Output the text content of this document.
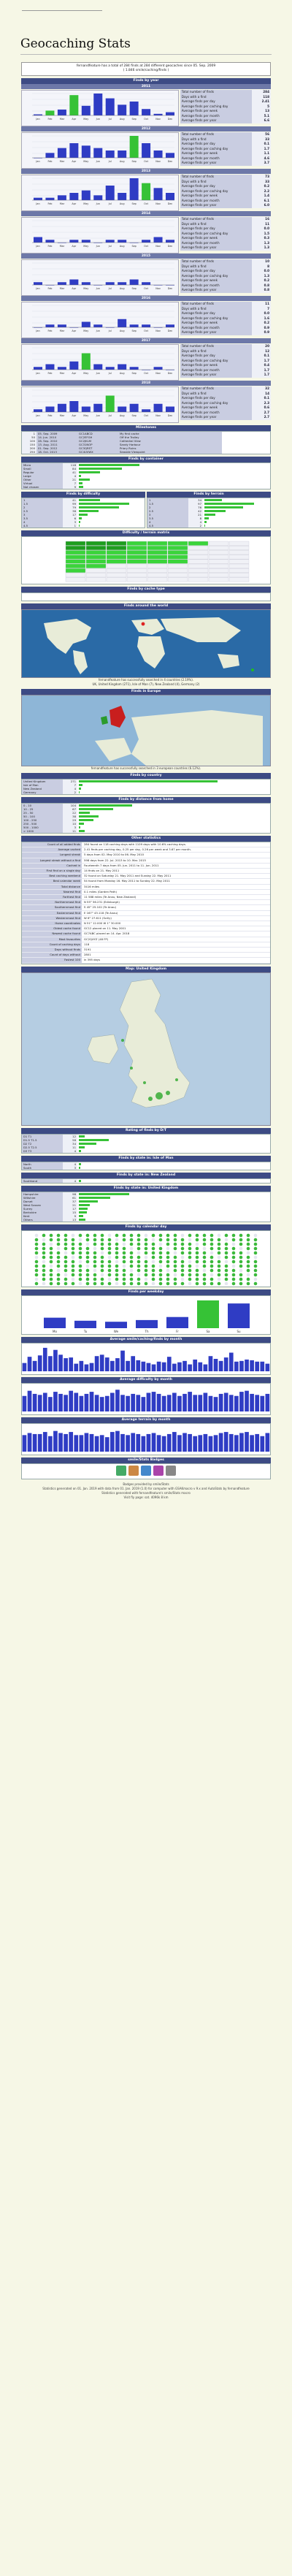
Geocaching Stats
fernandfeature has a total of 284 finds at 284 different geocaches since 05. Sep. 2009
( 1.846 smile/caching/finds )
Finds by year
2011
Jan	Feb	Mar	Apr	May	Jun	Jul	Aug	Sep	Oct	Nov	Dec
Total number of finds	284
Days with a find	118
Average finds per day	2.41
Average finds per caching day	5
Average finds per week	13
Average finds per month	5.1
Average finds per year	6.6
2012
Jan	Feb	Mar	Apr	May	Jun	Jul	Aug	Sep	Oct	Nov	Dec
Total number of finds	56
Days with a find	33
Average finds per day	0.1
Average finds per caching day	1.7
Average finds per week	1.1
Average finds per month	4.6
Average finds per year	3.7
2013
Jan	Feb	Mar	Apr	May	Jun	Jul	Aug	Sep	Oct	Nov	Dec
Total number of finds	73
Days with a find	33
Average finds per day	0.2
Average finds per caching day	2.2
Average finds per week	1.4
Average finds per month	6.1
Average finds per year	6.0
2014
Jan	Feb	Mar	Apr	May	Jun	Jul	Aug	Sep	Oct	Nov	Dec
Total number of finds	16
Days with a find	11
Average finds per day	0.0
Average finds per caching day	1.5
Average finds per week	0.3
Average finds per month	1.3
Average finds per year	1.3
2015
Jan	Feb	Mar	Apr	May	Jun	Jul	Aug	Sep	Oct	Nov	Dec
Total number of finds	10
Days with a find	8
Average finds per day	0.0
Average finds per caching day	1.3
Average finds per week	0.2
Average finds per month	0.8
Average finds per year	0.8
2016
Jan	Feb	Mar	Apr	May	Jun	Jul	Aug	Sep	Oct	Nov	Dec
Total number of finds	11
Days with a find	7
Average finds per day	0.0
Average finds per caching day	1.6
Average finds per week	0.2
Average finds per month	0.9
Average finds per year	0.9
2017
Jan	Feb	Mar	Apr	May	Jun	Jul	Aug	Sep	Oct	Nov	Dec
Total number of finds	20
Days with a find	12
Average finds per day	0.1
Average finds per caching day	1.7
Average finds per week	0.4
Average finds per month	1.7
Average finds per year	1.7
2018
Jan	Feb	Mar	Apr	May	Jun	Jul	Aug	Sep	Oct	Nov	Dec
Total number of finds	32
Days with a find	14
Average finds per day	0.1
Average finds per caching day	2.3
Average finds per week	0.6
Average finds per month	2.7
Average finds per year	2.7
Milestones
1	05. Sep. 2009	GC1ABCD	My first cache
50	14. Jun. 2010	GC2EFGH	Off the Trolley
100	28. Sep. 2010	GC2JKLM	Cathedral View
150	13. Aug. 2011	GC31NOP	Sandy Harbour
200	01. Sep. 2012	GC3QRST	Priory Ruins
250	18. Oct. 2013	GC4UVWX	Seaside Viewpoint
Finds by container
Micro	118
Small	84
Regular	41
Large	4
Other	21
Virtual	7
Not chosen	9
Finds by difficulty
1	41
1.5	99
2	79
2.5	38
3	17
3.5	6
4	3
4.5	1
Finds by terrain
1	34
1.5	97
2	76
2.5	42
3	21
3.5	8
4	4
4.5	2
Difficulty / terrain matrix
Finds by cache type
Finds around the world
fernandfeature has successfully searched in 4 countries (2.19%).
UK, United Kingdom (271), Isle of Man (7), New Zealand (4), Germany (2)
Finds in Europe
fernandfeature has successfully searched in 3 european countries (6.12%).
Finds by country
United Kingdom	271
Isle of Man	7
New Zealand	4
Germany	2
Finds by distance from home
0 - 10	104
10 - 25	67
25 - 50	22
50 - 100	38
100 - 250	29
250 - 500	10
500 - 1000	3
> 1000	11
Other statistics
Count of all added finds	284 found on 118 caching days with 1109 days with 10.6% caching days.
Average cached	2.41 finds per caching day, 0.25 per day, 0.26 per week and 3.67 per month.
Longest streak	5 days from 02. May 2010 to 06. May 2010
Longest streak without a find	598 days from 22. Jul. 2013 to 10. Mar. 2015
Cached in	Fourteenth 7 days from 05. Jun. 2011 to 11. Jun. 2011
First find on a single day	14 finds on 21. May 2011
Best caching weekend	32 found on Saturday 21. May 2011 and Sunday 22. May 2011
Best calendar week	54 found from Monday 16. May 2011 to Sunday 22. May 2011
Total distance	3416 miles
Nearest find	0.1 miles (Garden Path)
Farthest find	11 588 miles (Te Anau, New Zealand)
Northernmost find	N 55° 56.231 (Edinburgh)
Southernmost find	S 45° 25.102 (Te Anau)
Easternmost find	E 167° 43.118 (Te Anau)
Westernmost find	W 6° 27.611 (Scilly)
Home coordinates	N 51° 12.000 W 1° 30.000
Oldest cache found	GC12 placed on 11. May 2001
Newest cache found	GC7ABC placed on 14. Apr. 2018
Most favourites	GC2QXYZ (48 FP)
Count of caching days	118
Days without finds	3191
Count of days without	2801
Fastest 100	in 395 days
Map: United Kingdom
Rating of finds by D/T
D1 T1	12
D1.5 T1.5	58
D2 T2	34
D2.5 T2.5	11
D3 T3	4
Finds by state in: Isle of Man
North	4
South	3
Finds by state in: New Zealand
Southland	4
Finds by state in: United Kingdom
Hampshire	98
Wiltshire	61
Dorset	37
West Sussex	21
Surrey	17
Berkshire	15
Kent	9
Others	13
Finds by calendar day
Finds per weekday
Mo	Tu	We	Th	Fr	Sa	Su
Average smile/caching/finds by month
Average difficulty by month
Average terrain by month
smile/Stats Badges
Badges provided by smile/Stats
Statistics generated on 01. Jan. 2019 with data from 01. Jan. 2019 (1.0) for computer with GSAKmacro v 9.x and AutoStats by fernandfeature
Statistics generated with fernandfeature's smile/Stats macro
Visit fly page: sat. 4096k 8 km
